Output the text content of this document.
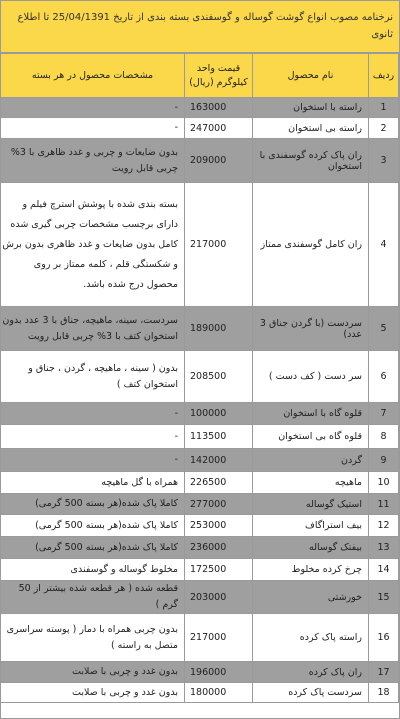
نرخنامه مصوب انواع گوشت گوساله و گوسفندی بسته بندی از تاریخ 25/04/1391 تا اطلاع ثانوی
ردیف	نام محصول	قیمت واحد کیلوگرم (ریال)	مشخصات محصول در هر بسته
1	راسته با استخوان	163000	-
2	راسته بی استخوان	247000	-
3	ران پاک کرده گوسفندی با استخوان	209000	بدون ضایعات و چربی و غدد ظاهری با 3% چربی قابل رویت
4	ران کامل گوسفندی ممتاز	217000	بسته بندی شده با پوشش استرچ فیلم و دارای برچسب مشخصات چربی گیری شده کامل بدون ضایعات و غدد ظاهری بدون برش و شکستگی قلم ، کلمه ممتاز بر روی محصول درج شده باشد.
5	سردست (با گردن جناق 3 عدد)	189000	سردست، سینه، ماهیچه، جناق با 3 عدد بدون استخوان کتف با 3% چربی قابل رویت
6	سر دست ( کف دست )	208500	بدون ( سینه ، ماهیچه ، گردن ، جناق و استخوان کتف )
7	قلوه گاه با استخوان	100000	-
8	قلوه گاه بی استخوان	113500	-
9	گردن	142000	-
10	ماهیچه	226500	همراه با گل ماهیچه
11	استیک گوساله	277000	کاملا پاک شده(هر بسته 500 گرمی)
12	بیف استراگاف	253000	کاملا پاک شده(هر بسته 500 گرمی)
13	بیفتک گوساله	236000	کاملا پاک شده(هر بسته 500 گرمی)
14	چرخ کرده مخلوط	172500	مخلوط گوساله و گوسفندی
15	خورشتی	203000	قطعه شده ( هر قطعه شده بیشتر از 50 گرم )
16	راسته پاک کرده	217000	بدون چربی همراه با دمار ( پوسته سراسری متصل به راسته )
17	ران پاک کرده	196000	بدون غدد و چربی با صلابت
18	سردست پاک کرده	180000	بدون غدد و چربی با صلابت
